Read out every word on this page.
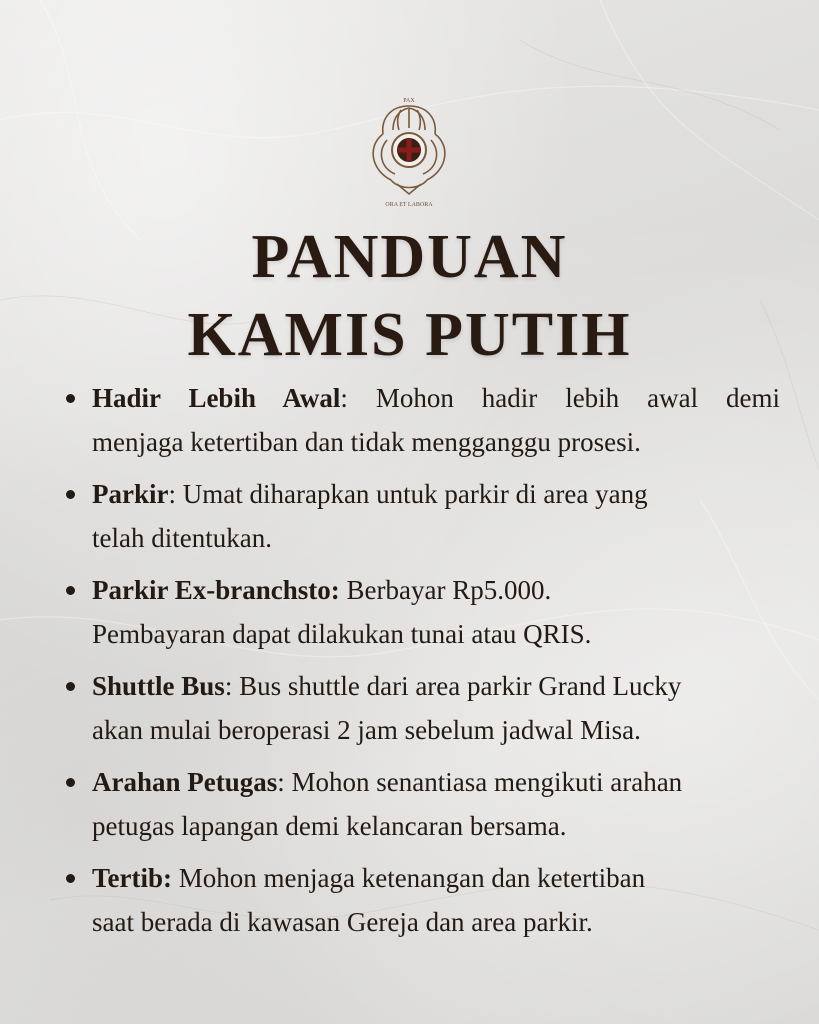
PAX
ORA ET LABORA
PANDUAN
KAMIS PUTIH
Hadir Lebih Awal: Mohon hadir lebih awal demi
menjaga ketertiban dan tidak mengganggu prosesi.
Parkir: Umat diharapkan untuk parkir di area yang
telah ditentukan.
Parkir Ex-branchsto: Berbayar Rp5.000.
Pembayaran dapat dilakukan tunai atau QRIS.
Shuttle Bus: Bus shuttle dari area parkir Grand Lucky
akan mulai beroperasi 2 jam sebelum jadwal Misa.
Arahan Petugas: Mohon senantiasa mengikuti arahan
petugas lapangan demi kelancaran bersama.
Tertib: Mohon menjaga ketenangan dan ketertiban
saat berada di kawasan Gereja dan area parkir.
